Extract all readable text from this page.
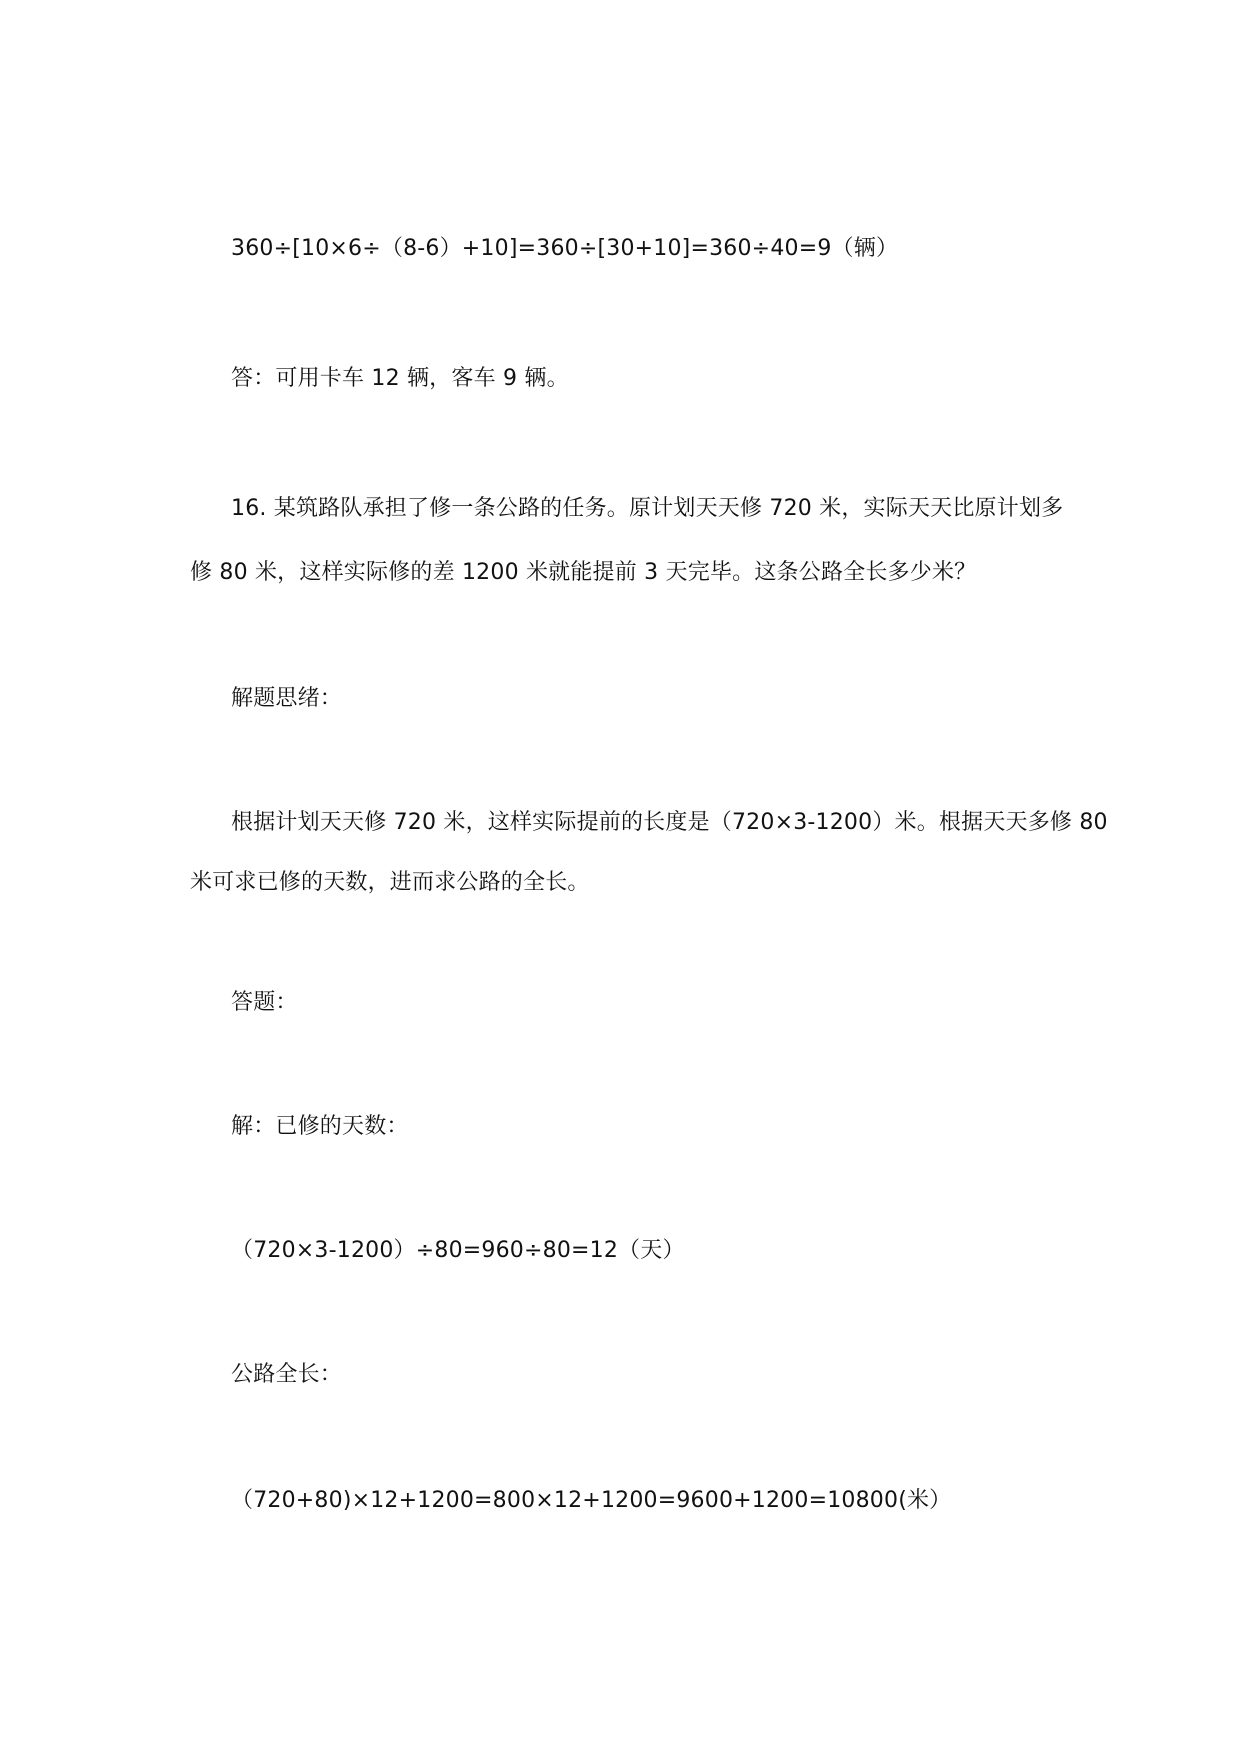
360÷[10×6÷（8-6）+10]=360÷[30+10]=360÷40=9（辆）
答：可用卡车 12 辆，客车 9 辆。
16. 某筑路队承担了修一条公路的任务。原计划天天修 720 米，实际天天比原计划多
修 80 米，这样实际修的差 1200 米就能提前 3 天完毕。这条公路全长多少米？
解题思绪：
根据计划天天修 720 米，这样实际提前的长度是（720×3-1200）米。根据天天多修 80
米可求已修的天数，进而求公路的全长。
答题：
解：已修的天数：
（720×3-1200）÷80=960÷80=12（天）
公路全长：
（720+80)×12+1200=800×12+1200=9600+1200=10800(米）
